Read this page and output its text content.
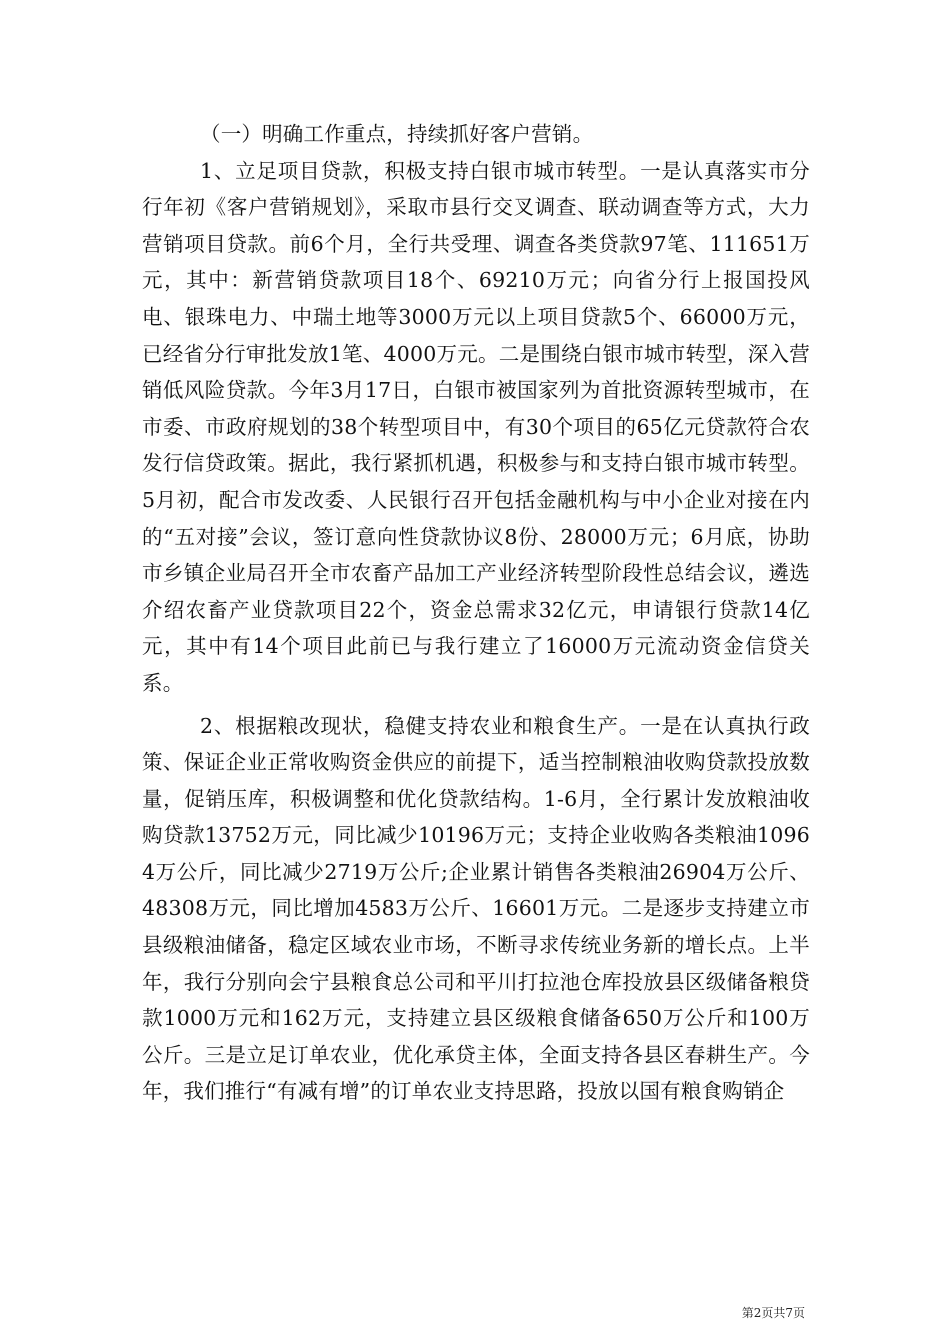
（一）明确工作重点，持续抓好客户营销。

1、立足项目贷款，积极支持白银市城市转型。一是认真落实市分行年初《客户营销规划》，采取市县行交叉调查、联动调查等方式，大力营销项目贷款。前6个月，全行共受理、调查各类贷款97笔、111651万元，其中：新营销贷款项目18个、69210万元；向省分行上报国投风电、银珠电力、中瑞土地等3000万元以上项目贷款5个、66000万元，已经省分行审批发放1笔、4000万元。二是围绕白银市城市转型，深入营销低风险贷款。今年3月17日，白银市被国家列为首批资源转型城市，在市委、市政府规划的38个转型项目中，有30个项目的65亿元贷款符合农发行信贷政策。据此，我行紧抓机遇，积极参与和支持白银市城市转型。5月初，配合市发改委、人民银行召开包括金融机构与中小企业对接在内的“五对接”会议，签订意向性贷款协议8份、28000万元；6月底，协助市乡镇企业局召开全市农畜产品加工产业经济转型阶段性总结会议，遴选介绍农畜产业贷款项目22个，资金总需求32亿元，申请银行贷款14亿元，其中有14个项目此前已与我行建立了16000万元流动资金信贷关系。

2、根据粮改现状，稳健支持农业和粮食生产。一是在认真执行政策、保证企业正常收购资金供应的前提下，适当控制粮油收购贷款投放数量，促销压库，积极调整和优化贷款结构。1-6月，全行累计发放粮油收购贷款13752万元，同比减少10196万元；支持企业收购各类粮油10964万公斤，同比减少2719万公斤;企业累计销售各类粮油26904万公斤、48308万元，同比增加4583万公斤、16601万元。二是逐步支持建立市县级粮油储备，稳定区域农业市场，不断寻求传统业务新的增长点。上半年，我行分别向会宁县粮食总公司和平川打拉池仓库投放县区级储备粮贷款1000万元和162万元，支持建立县区级粮食储备650万公斤和100万公斤。三是立足订单农业，优化承贷主体，全面支持各县区春耕生产。今年，我们推行“有减有增”的订单农业支持思路，投放以国有粮食购销企

第2页共7页
